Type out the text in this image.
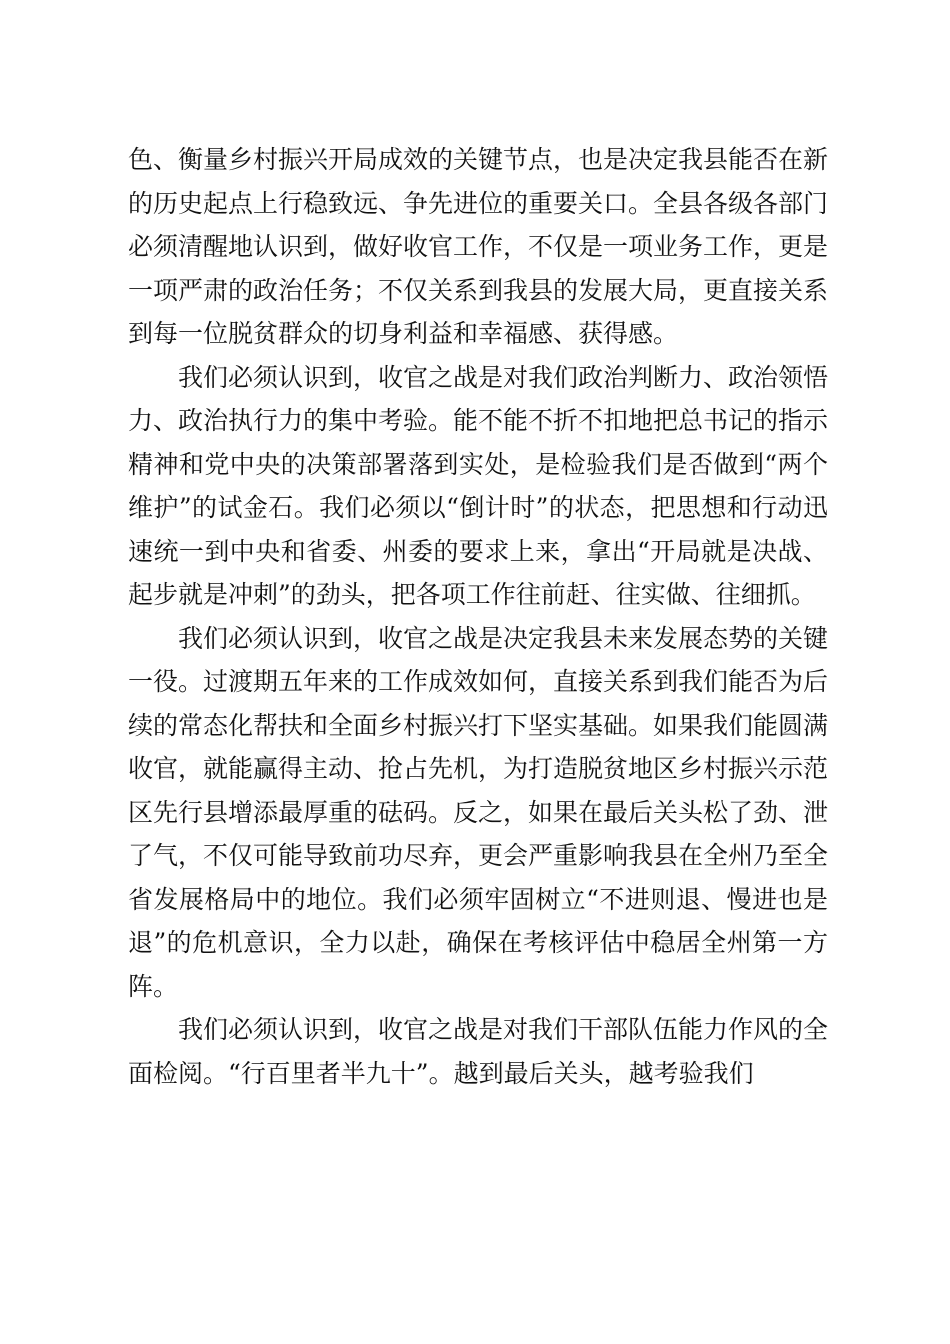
色、衡量乡村振兴开局成效的关键节点，也是决定我县能否在新的历史起点上行稳致远、争先进位的重要关口。全县各级各部门必须清醒地认识到，做好收官工作，不仅是一项业务工作，更是一项严肃的政治任务；不仅关系到我县的发展大局，更直接关系到每一位脱贫群众的切身利益和幸福感、获得感。

我们必须认识到，收官之战是对我们政治判断力、政治领悟力、政治执行力的集中考验。能不能不折不扣地把总书记的指示精神和党中央的决策部署落到实处，是检验我们是否做到“两个维护”的试金石。我们必须以“倒计时”的状态，把思想和行动迅速统一到中央和省委、州委的要求上来，拿出“开局就是决战、起步就是冲刺”的劲头，把各项工作往前赶、往实做、往细抓。

我们必须认识到，收官之战是决定我县未来发展态势的关键一役。过渡期五年来的工作成效如何，直接关系到我们能否为后续的常态化帮扶和全面乡村振兴打下坚实基础。如果我们能圆满收官，就能赢得主动、抢占先机，为打造脱贫地区乡村振兴示范区先行县增添最厚重的砝码。反之，如果在最后关头松了劲、泄了气，不仅可能导致前功尽弃，更会严重影响我县在全州乃至全省发展格局中的地位。我们必须牢固树立“不进则退、慢进也是退”的危机意识，全力以赴，确保在考核评估中稳居全州第一方阵。

我们必须认识到，收官之战是对我们干部队伍能力作风的全面检阅。“行百里者半九十”。越到最后关头，越考验我们
